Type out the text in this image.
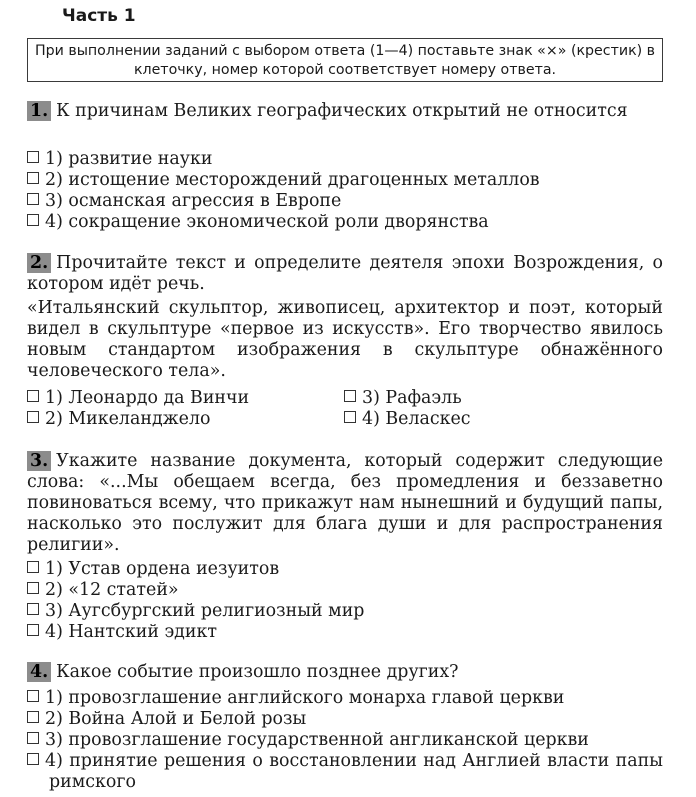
Часть 1
При выполнении заданий с выбором ответа (1—4) поставьте знак «×» (крестик) в клеточку, номер которой соответствует номеру ответа.
1. К причинам Великих географических открытий не относится
1) развитие науки
2) истощение месторождений драгоценных металлов
3) османская агрессия в Европе
4) сокращение экономической роли дворянства
2. Прочитайте текст и определите деятеля эпохи Возрождения, о котором идёт речь.
«Итальянский скульптор, живописец, архитектор и поэт, который видел в скульптуре «первое из искусств». Его творчество явилось новым стандартом изображения в скульптуре обнажённого человеческого тела».
1) Леонардо да Винчи
2) Микеланджело
3) Рафаэль
4) Веласкес
3. Укажите название документа, который содержит следующие слова: «...Мы обещаем всегда, без промедления и беззаветно повиноваться всему, что прикажут нам нынешний и будущий папы, насколько это послужит для блага души и для распространения религии».
1) Устав ордена иезуитов
2) «12 статей»
3) Аугсбургский религиозный мир
4) Нантский эдикт
4. Какое событие произошло позднее других?
1) провозглашение английского монарха главой церкви
2) Война Алой и Белой розы
3) провозглашение государственной англиканской церкви
4) принятие решения о восстановлении над Англией власти папы римского
